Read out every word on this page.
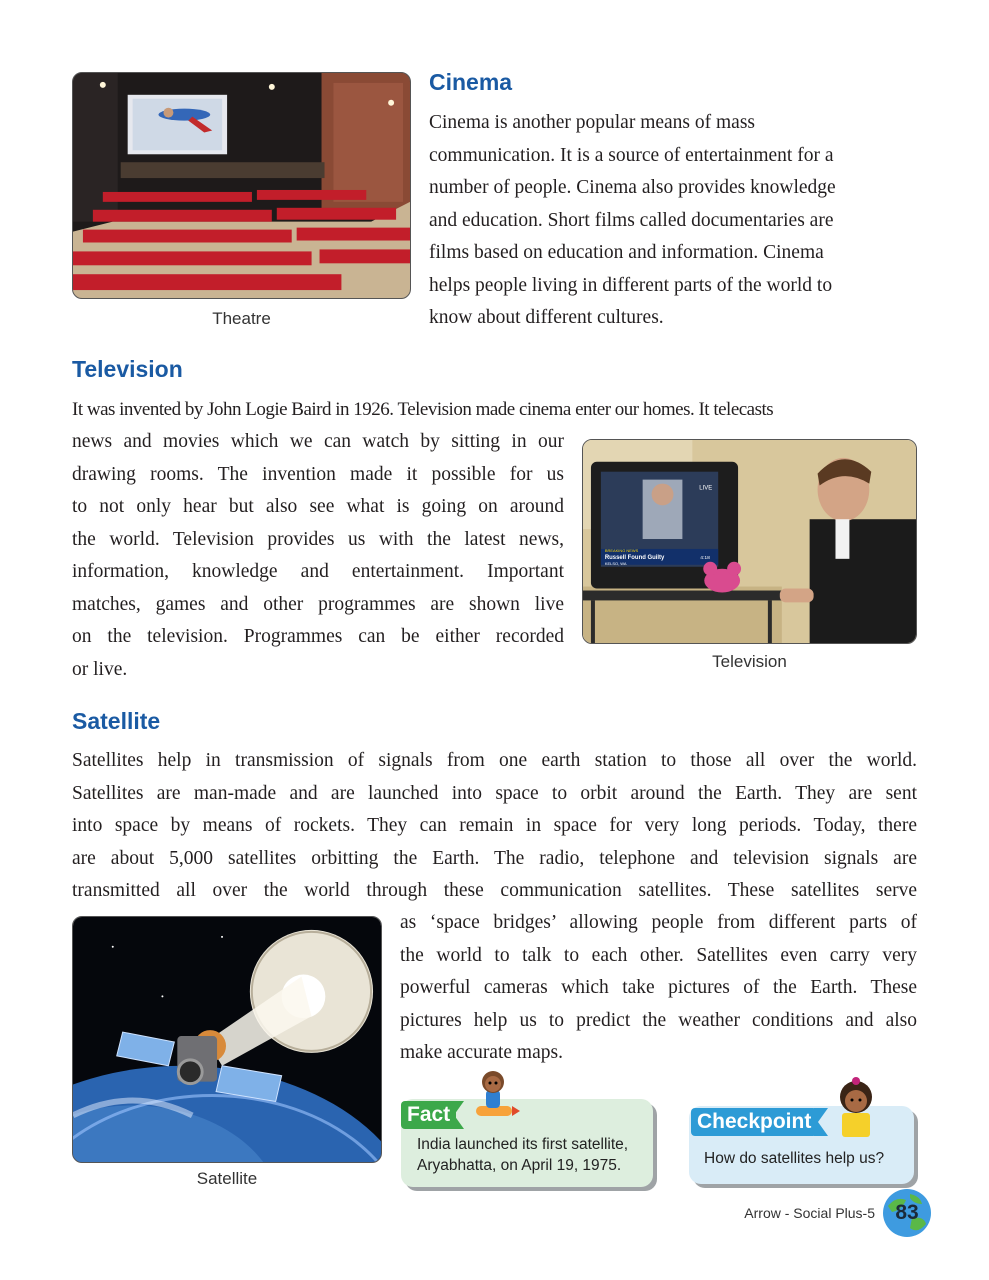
Theatre
Cinema
Cinema is another popular means of mass
communication. It is a source of entertainment for a
number of people. Cinema also provides knowledge
and education. Short films called documentaries are
films based on education and information. Cinema
helps people living in different parts of the world to
know about different cultures.
Television
It was invented by John Logie Baird in 1926. Television made cinema enter our homes. It telecasts
news and movies which we can watch by sitting in our
drawing rooms. The invention made it possible for us
to not only hear but also see what is going on around
the world. Television provides us with the latest news,
information, knowledge and entertainment. Important
matches, games and other programmes are shown live
on the television. Programmes can be either recorded
or live.
LIVE
BREAKING NEWS
Russell Found Guilty
KELSO, WA
4:18
Television
Satellite
Satellites help in transmission of signals from one earth station to those all over the world.
Satellites are man-made and are launched into space to orbit around the Earth. They are sent
into space by means of rockets. They can remain in space for very long periods. Today, there
are about 5,000 satellites orbitting the Earth. The radio, telephone and television signals are
transmitted all over the world through these communication satellites. These satellites serve
Satellite
as ‘space bridges’ allowing people from different parts of
the world to talk to each other. Satellites even carry very
powerful cameras which take pictures of the Earth. These
pictures help us to predict the weather conditions and also
make accurate maps.
Fact
India launched its first satellite, Aryabhatta, on April 19, 1975.
Checkpoint
How do satellites help us?
Arrow - Social Plus-5 83
